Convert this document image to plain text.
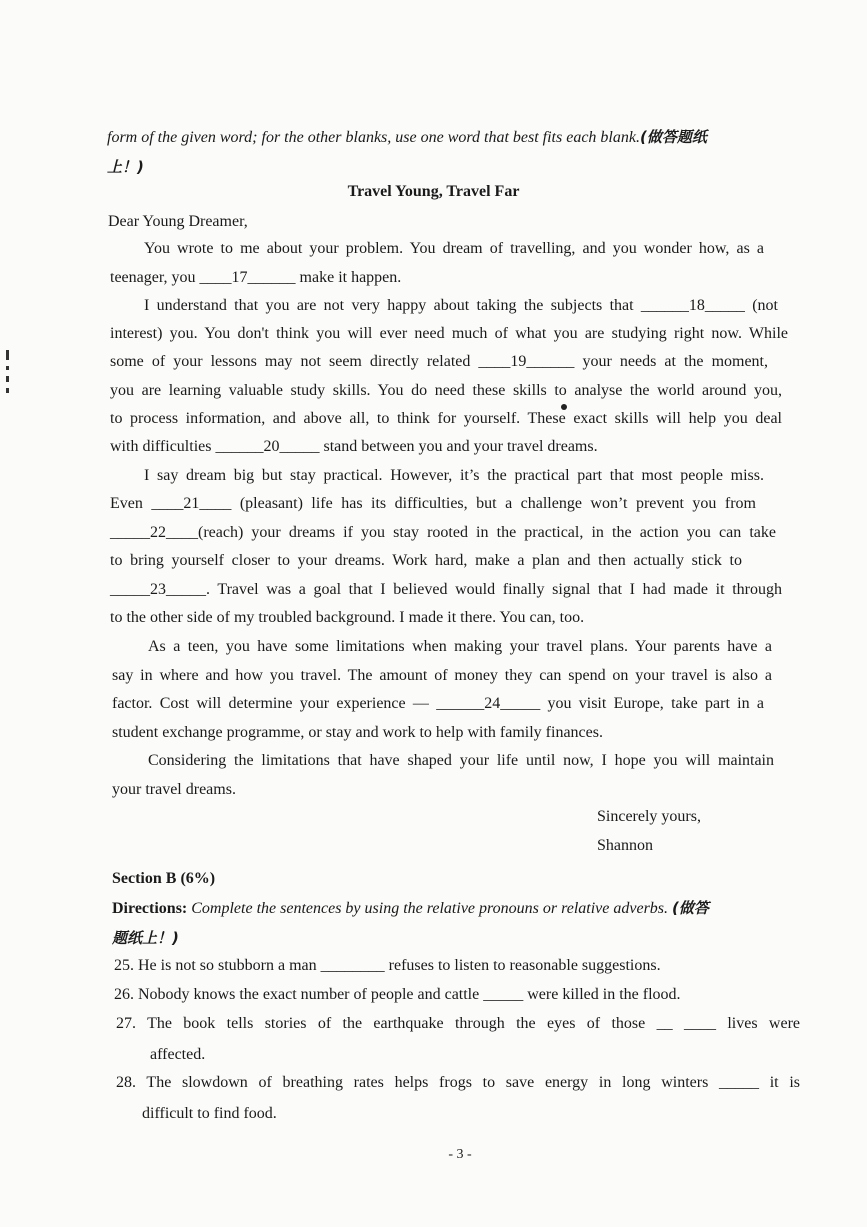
form of the given word; for the other blanks, use one word that best fits each blank.(做答题纸
上！)
Travel Young, Travel Far
Dear Young Dreamer,
You wrote to me about your problem. You dream of travelling, and you wonder how, as a
teenager, you ____17______ make it happen.
I understand that you are not very happy about taking the subjects that ______18_____ (not
interest) you. You don't think you will ever need much of what you are studying right now. While
some of your lessons may not seem directly related ____19______ your needs at the moment,
you are learning valuable study skills. You do need these skills to analyse the world around you,
to process information, and above all, to think for yourself. These exact skills will help you deal
with difficulties ______20_____ stand between you and your travel dreams.
I say dream big but stay practical. However, it’s the practical part that most people miss.
Even ____21____ (pleasant) life has its difficulties, but a challenge won’t prevent you from
_____22____(reach) your dreams if you stay rooted in the practical, in the action you can take
to bring yourself closer to your dreams. Work hard, make a plan and then actually stick to
_____23_____. Travel was a goal that I believed would finally signal that I had made it through
to the other side of my troubled background. I made it there. You can, too.
As a teen, you have some limitations when making your travel plans. Your parents have a
say in where and how you travel. The amount of money they can spend on your travel is also a
factor. Cost will determine your experience — ______24_____ you visit Europe, take part in a
student exchange programme, or stay and work to help with family finances.
Considering the limitations that have shaped your life until now, I hope you will maintain
your travel dreams.
Sincerely yours,
Shannon
Section B (6%)
Directions: Complete the sentences by using the relative pronouns or relative adverbs. (做答
题纸上！)
25. He is not so stubborn a man ________ refuses to listen to reasonable suggestions.
26. Nobody knows the exact number of people and cattle _____ were killed in the flood.
27. The book tells stories of the earthquake through the eyes of those __ ____ lives were
affected.
28. The slowdown of breathing rates helps frogs to save energy in long winters _____ it is
difficult to find food.
- 3 -
